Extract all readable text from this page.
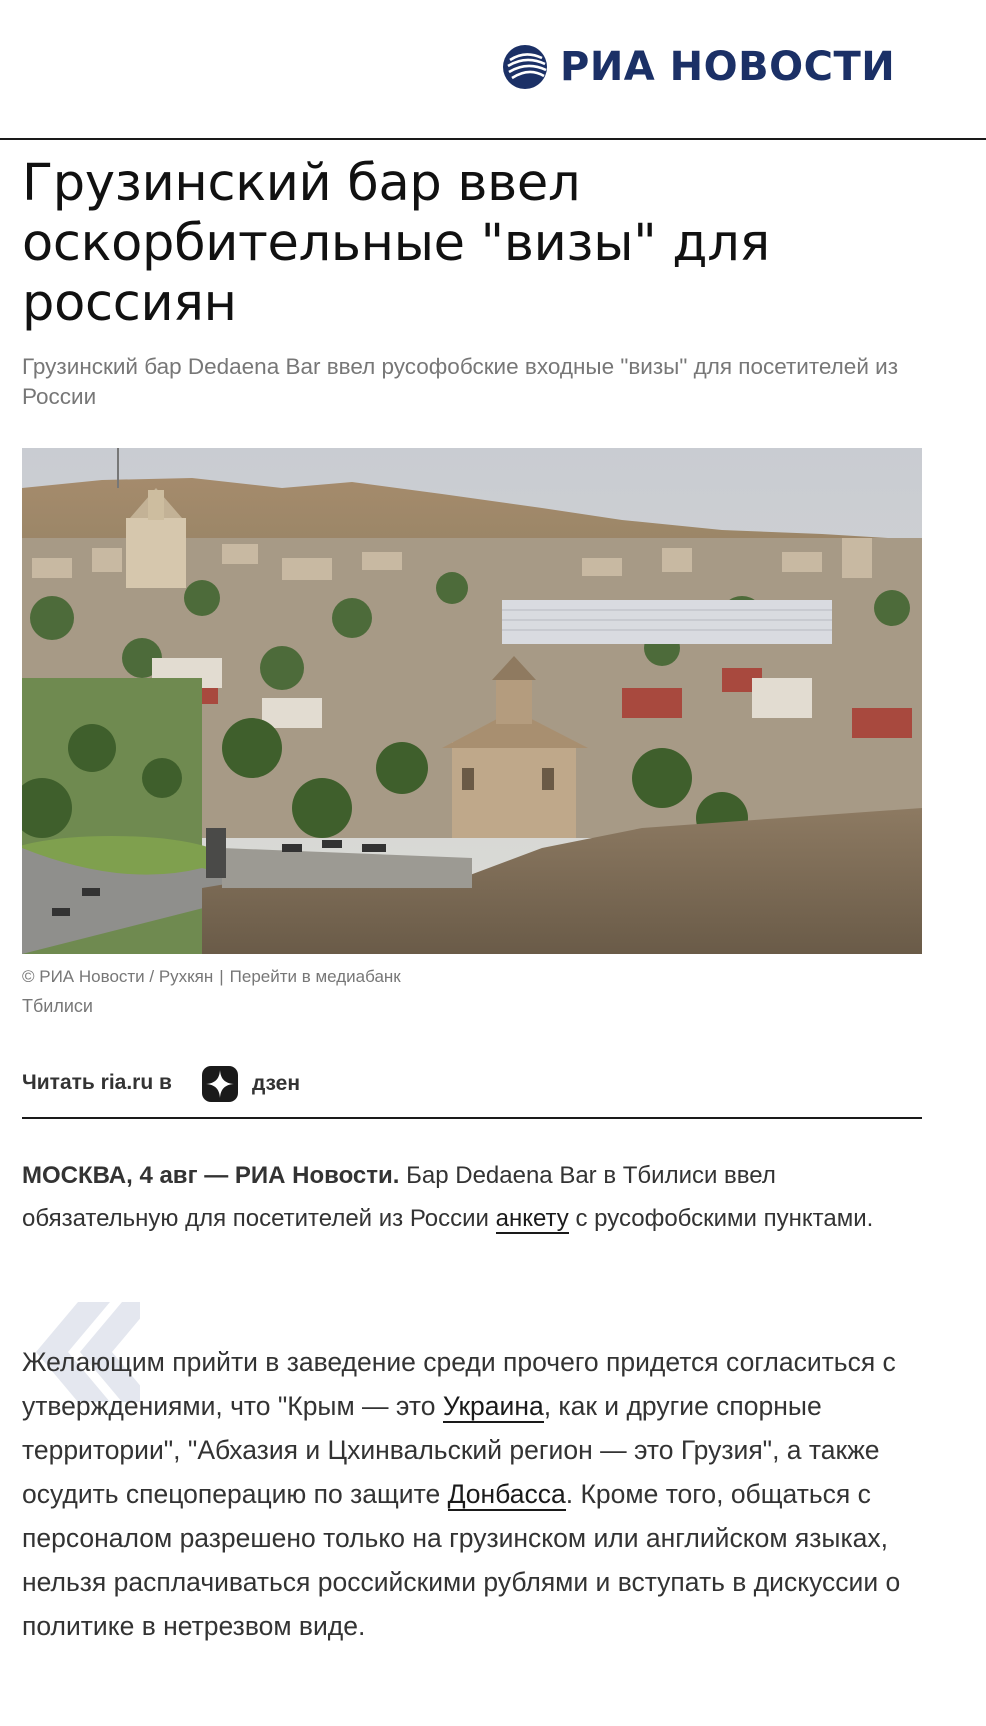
РИА НОВОСТИ
Грузинский бар ввел оскорбительные "визы" для россиян

Грузинский бар Dedaena Bar ввел русофобские входные "визы" для посетителей из России

© РИА Новости / Рухкян | Перейти в медиабанк
Тбилиси
Читать ria.ru в	дзен

МОСКВА, 4 авг — РИА Новости. Бар Dedaena Bar в Тбилиси ввел обязательную для посетителей из России анкету с русофобскими пунктами.

Желающим прийти в заведение среди прочего придется согласиться с утверждениями, что "Крым — это Украина, как и другие спорные территории", "Абхазия и Цхинвальский регион — это Грузия", а также осудить спецоперацию по защите Донбасса. Кроме того, общаться с персоналом разрешено только на грузинском или английском языках, нельзя расплачиваться российскими рублями и вступать в дискуссии о политике в нетрезвом виде.
